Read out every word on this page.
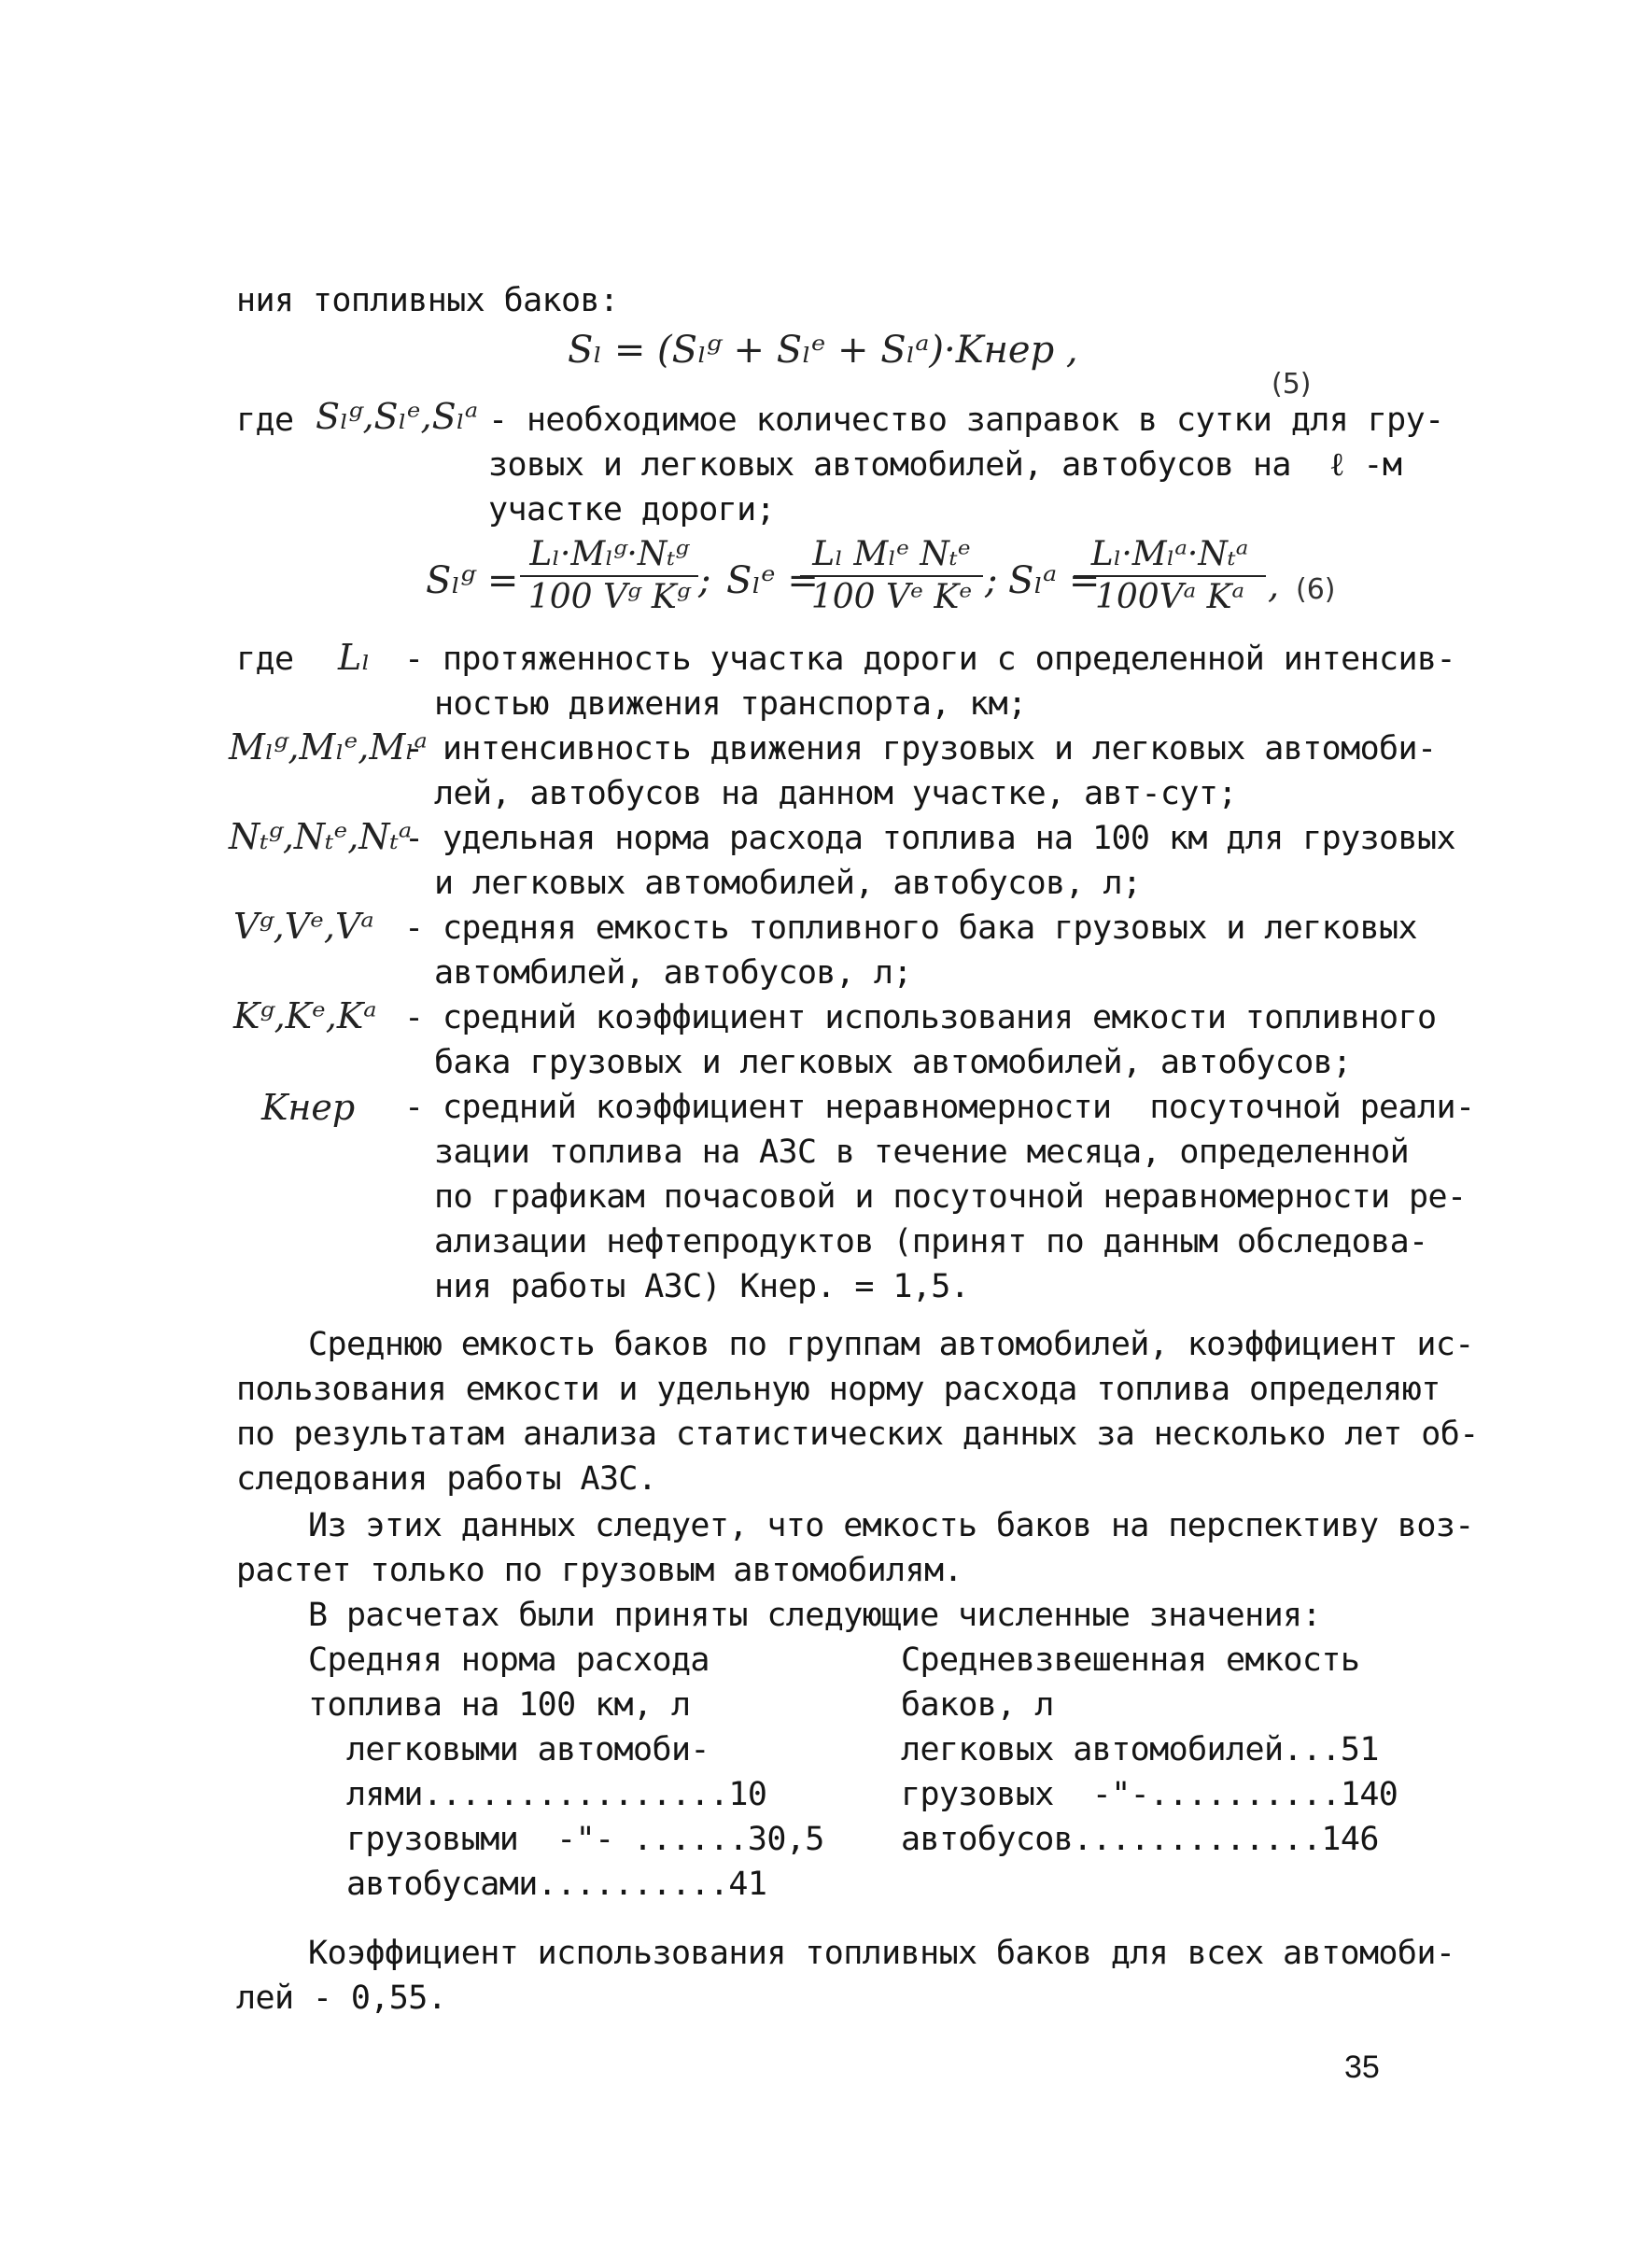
ния топливных баков:
Sₗ = (Sₗᵍ + Sₗᵉ + Sₗᵃ)·Kнер ,
(5)
где Sₗᵍ,Sₗᵉ,Sₗᵃ - необходимое количество заправок в сутки для гру-
зовых и легковых автомобилей, автобусов на  ℓ -м
участке дороги;
Sₗᵍ =
Lₗ·Mₗᵍ·Nₜᵍ
100 Vᵍ Kᵍ ; Sₗᵉ =
Lₗ Mₗᵉ Nₜᵉ
100 Vᵉ Kᵉ ; Sₗᵃ =
Lₗ·Mₗᵃ·Nₜᵃ
100Vᵃ Kᵃ , (6)
где Lₗ - протяженность участка дороги с определенной интенсив-
ностью движения транспорта, км;
Mₗᵍ,Mₗᵉ,Mₗᵃ
- интенсивность движения грузовых и легковых автомоби-
лей, автобусов на данном участке, авт-сут;
Nₜᵍ,Nₜᵉ,Nₜᵃ
- удельная норма расхода топлива на 100 км для грузовых
и легковых автомобилей, автобусов, л;
Vᵍ,Vᵉ,Vᵃ - средняя емкость топливного бака грузовых и легковых
автомбилей, автобусов, л;
Kᵍ,Kᵉ,Kᵃ - средний коэффициент использования емкости топливного
бака грузовых и легковых автомобилей, автобусов;
Kнер - средний коэффициент неравномерности  посуточной реали-
зации топлива на АЗС в течение месяца, определенной
по графикам почасовой и посуточной неравномерности ре-
ализации нефтепродуктов (принят по данным обследова-
ния работы АЗС) Kнер. = 1,5.
Среднюю емкость баков по группам автомобилей, коэффициент ис-
пользования емкости и удельную норму расхода топлива определяют
по результатам анализа статистических данных за несколько лет об-
следования работы АЗС.
Из этих данных следует, что емкость баков на перспективу воз-
растет только по грузовым автомобилям.
В расчетах были приняты следующие численные значения:
Средняя норма расхода
топлива на 100 км, л
легковыми автомоби-
лями................10
грузовыми  -"- ......30,5
автобусами..........41
Средневзвешенная емкость
баков, л
легковых автомобилей...51
грузовых  -"-..........140
автобусов.............146
Коэффициент использования топливных баков для всех автомоби-
лей - 0,55.
35
